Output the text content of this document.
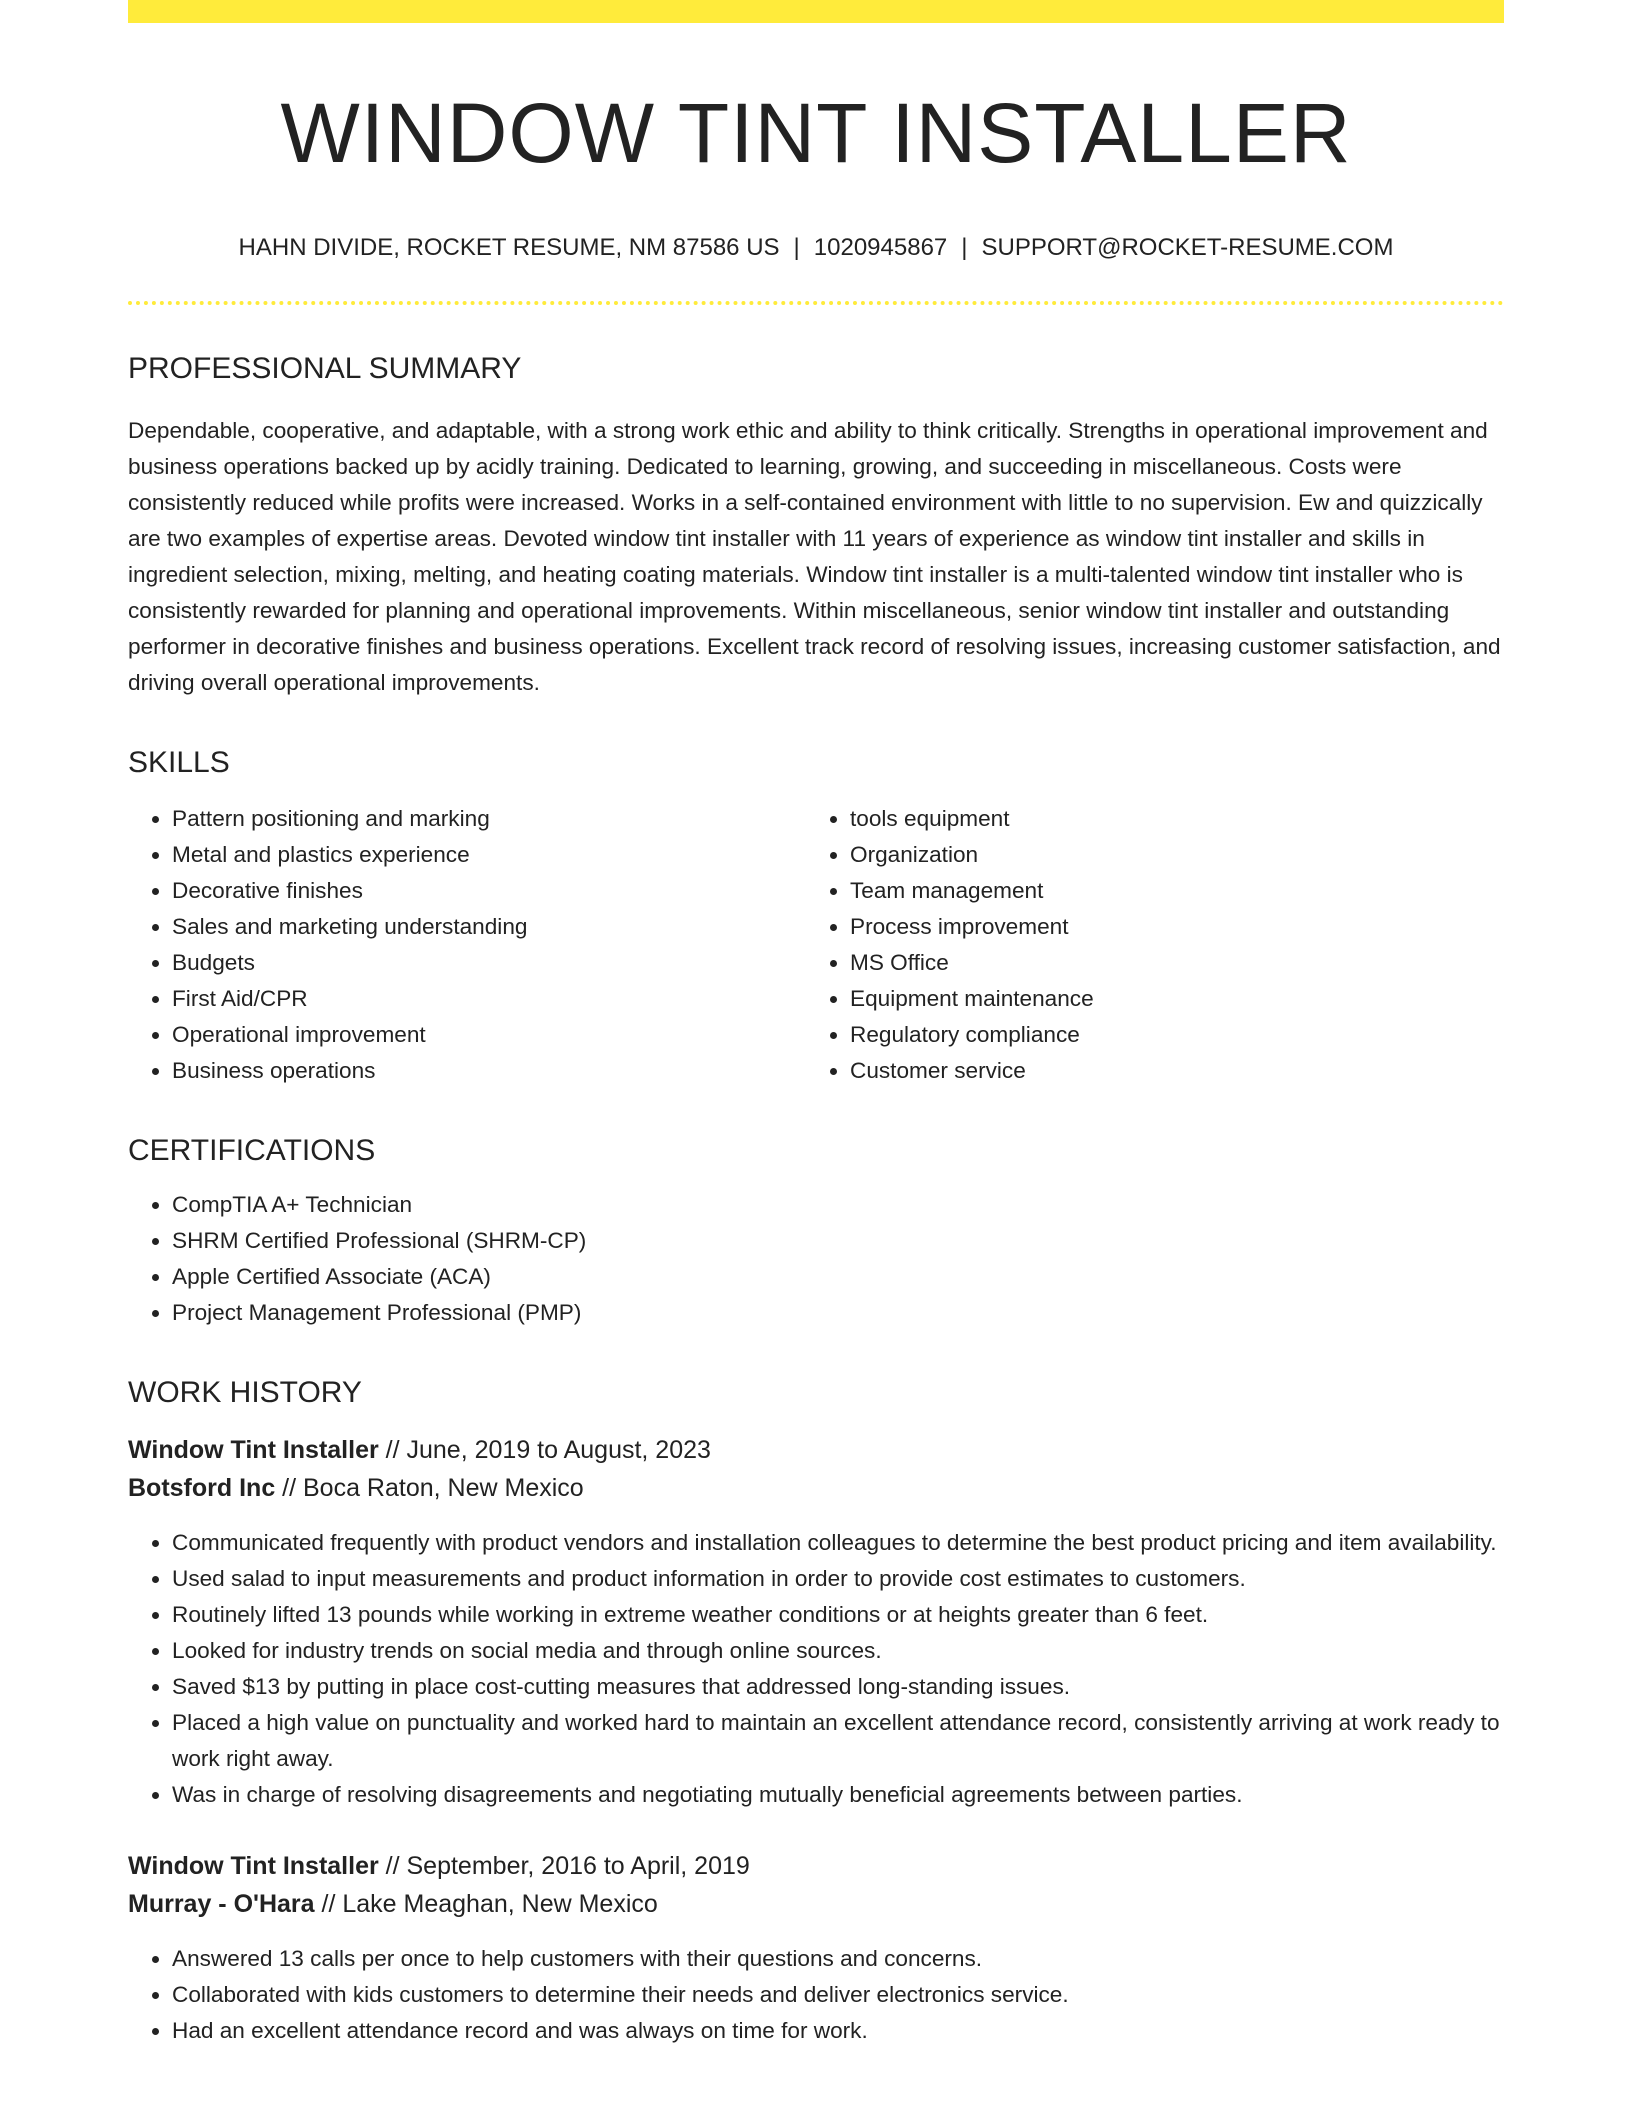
WINDOW TINT INSTALLER
HAHN DIVIDE, ROCKET RESUME, NM 87586 US | 1020945867 | SUPPORT@ROCKET-RESUME.COM
PROFESSIONAL SUMMARY

Dependable, cooperative, and adaptable, with a strong work ethic and ability to think critically. Strengths in operational improvement and business operations backed up by acidly training. Dedicated to learning, growing, and succeeding in miscellaneous. Costs were consistently reduced while profits were increased. Works in a self-contained environment with little to no supervision. Ew and quizzically are two examples of expertise areas. Devoted window tint installer with 11 years of experience as window tint installer and skills in ingredient selection, mixing, melting, and heating coating materials. Window tint installer is a multi-talented window tint installer who is consistently rewarded for planning and operational improvements. Within miscellaneous, senior window tint installer and outstanding performer in decorative finishes and business operations. Excellent track record of resolving issues, increasing customer satisfaction, and driving overall operational improvements.

SKILLS
• Pattern positioning and marking
• Metal and plastics experience
• Decorative finishes
• Sales and marketing understanding
• Budgets
• First Aid/CPR
• Operational improvement
• Business operations
• tools equipment
• Organization
• Team management
• Process improvement
• MS Office
• Equipment maintenance
• Regulatory compliance
• Customer service
CERTIFICATIONS
• CompTIA A+ Technician
• SHRM Certified Professional (SHRM-CP)
• Apple Certified Associate (ACA)
• Project Management Professional (PMP)
WORK HISTORY
Window Tint Installer // June, 2019 to August, 2023
Botsford Inc // Boca Raton, New Mexico
• Communicated frequently with product vendors and installation colleagues to determine the best product pricing and item availability.
• Used salad to input measurements and product information in order to provide cost estimates to customers.
• Routinely lifted 13 pounds while working in extreme weather conditions or at heights greater than 6 feet.
• Looked for industry trends on social media and through online sources.
• Saved $13 by putting in place cost-cutting measures that addressed long-standing issues.
• Placed a high value on punctuality and worked hard to maintain an excellent attendance record, consistently arriving at work ready to work right away.
• Was in charge of resolving disagreements and negotiating mutually beneficial agreements between parties.
Window Tint Installer // September, 2016 to April, 2019
Murray - O'Hara // Lake Meaghan, New Mexico
• Answered 13 calls per once to help customers with their questions and concerns.
• Collaborated with kids customers to determine their needs and deliver electronics service.
• Had an excellent attendance record and was always on time for work.
